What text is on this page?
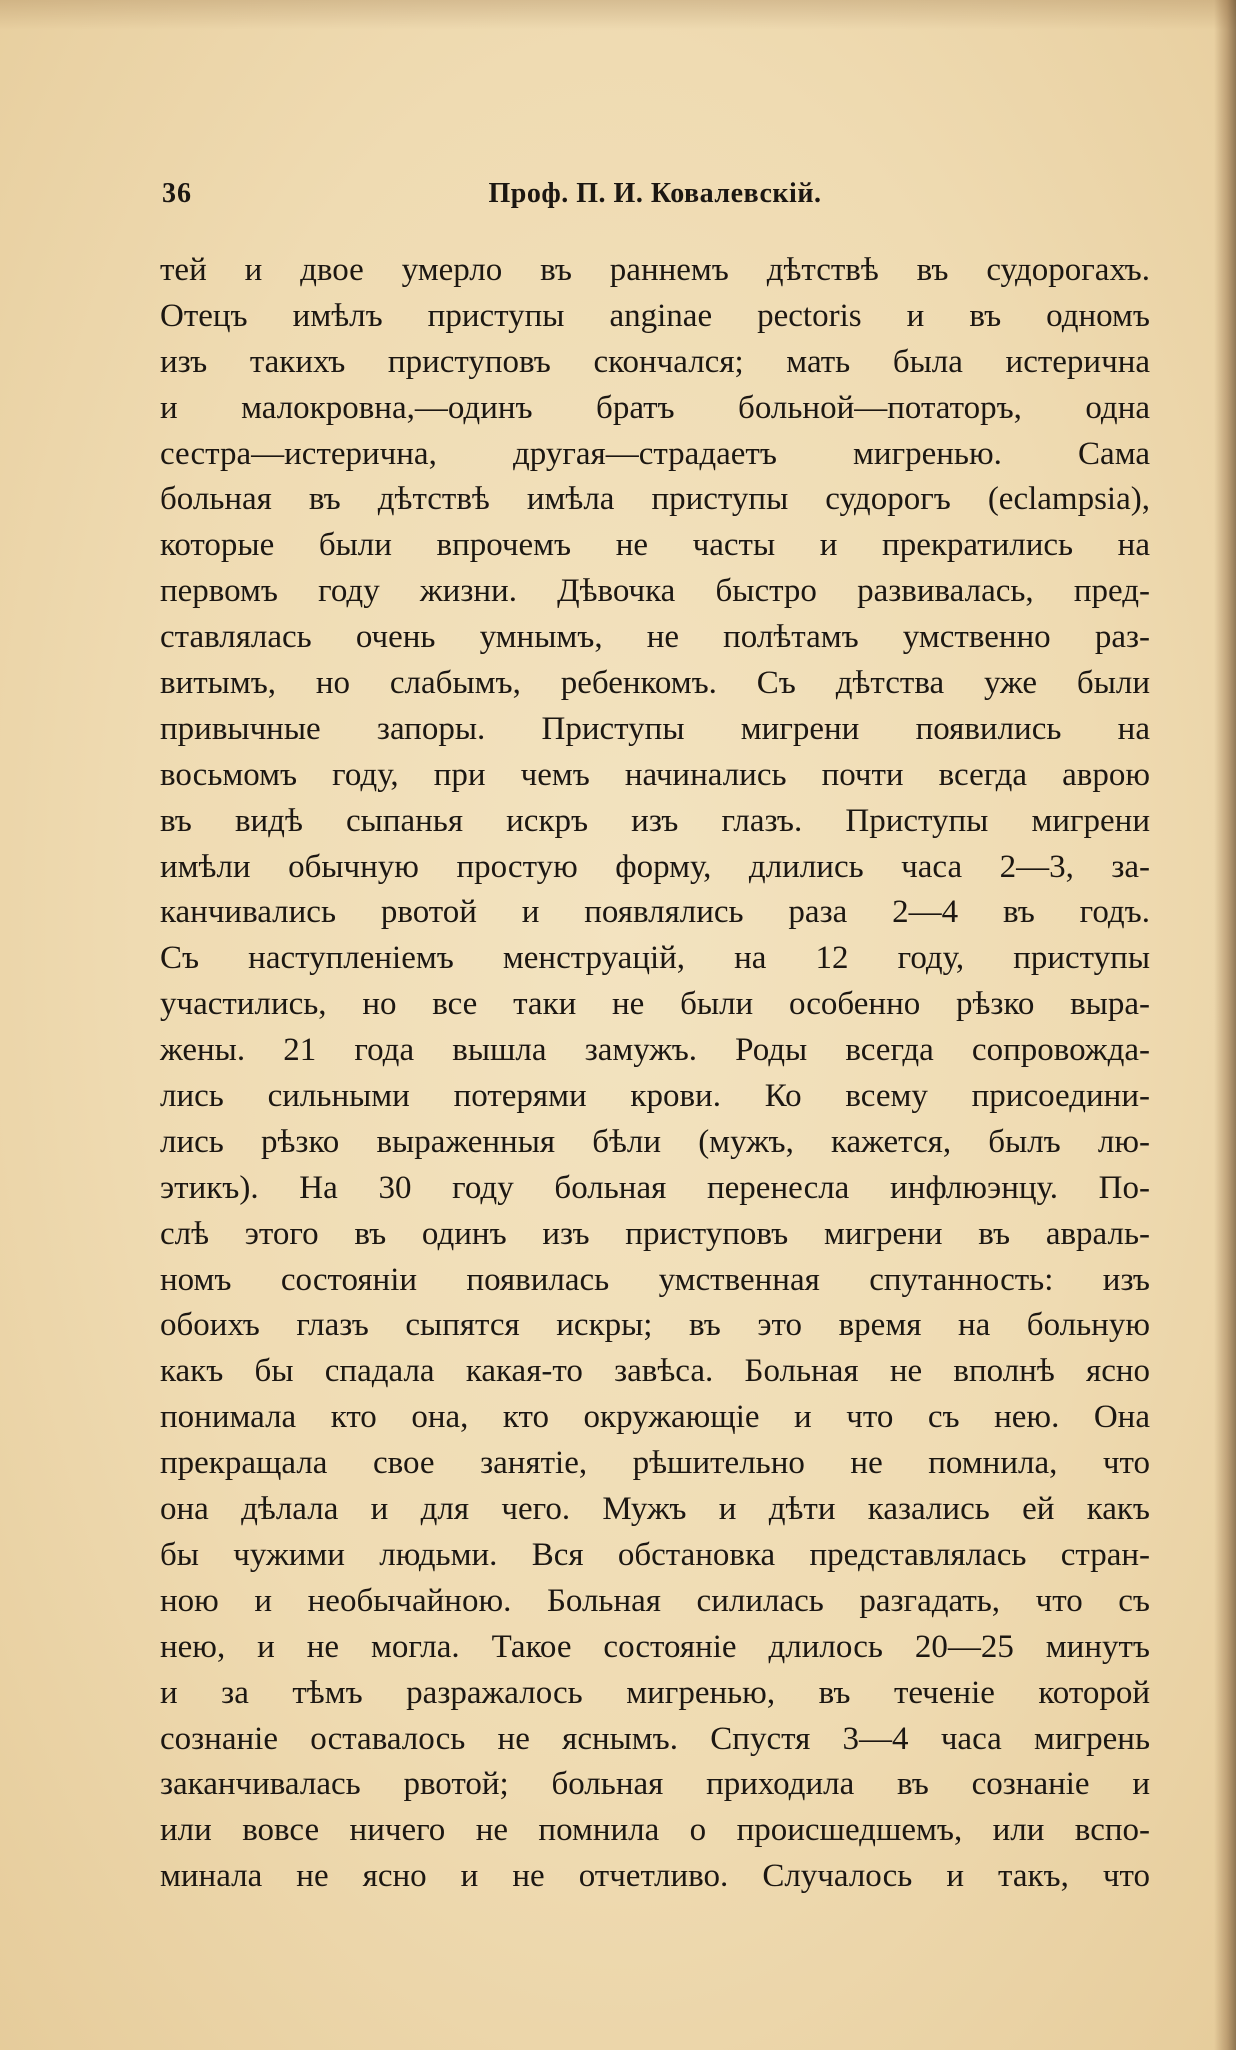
36	Проф. П. И. Ковалевскій.
тей и двое умерло въ раннемъ дѣтствѣ въ судорогахъ.
Отецъ имѣлъ приступы anginae pectoris и въ одномъ
изъ такихъ приступовъ скончался; мать была истерична
и малокровна,—одинъ братъ больной—потаторъ, одна
сестра—истерична, другая—страдаетъ мигренью. Сама
больная въ дѣтствѣ имѣла приступы судорогъ (eclampsia),
которые были впрочемъ не часты и прекратились на
первомъ году жизни. Дѣвочка быстро развивалась, пред-
ставлялась очень умнымъ, не полѣтамъ умственно раз-
витымъ, но слабымъ, ребенкомъ. Съ дѣтства уже были
привычные запоры. Приступы мигрени появились на
восьмомъ году, при чемъ начинались почти всегда аврою
въ видѣ сыпанья искръ изъ глазъ. Приступы мигрени
имѣли обычную простую форму, длились часа 2—3, за-
канчивались рвотой и появлялись раза 2—4 въ годъ.
Съ наступленіемъ менструацій, на 12 году, приступы
участились, но все таки не были особенно рѣзко выра-
жены. 21 года вышла замужъ. Роды всегда сопровожда-
лись сильными потерями крови. Ко всему присоедини-
лись рѣзко выраженныя бѣли (мужъ, кажется, былъ лю-
этикъ). На 30 году больная перенесла инфлюэнцу. По-
слѣ этого въ одинъ изъ приступовъ мигрени въ авраль-
номъ состояніи появилась умственная спутанность: изъ
обоихъ глазъ сыпятся искры; въ это время на больную
какъ бы спадала какая-то завѣса. Больная не вполнѣ ясно
понимала кто она, кто окружающіе и что съ нею. Она
прекращала свое занятіе, рѣшительно не помнила, что
она дѣлала и для чего. Мужъ и дѣти казались ей какъ
бы чужими людьми. Вся обстановка представлялась стран-
ною и необычайною. Больная силилась разгадать, что съ
нею, и не могла. Такое состояніе длилось 20—25 минутъ
и за тѣмъ разражалось мигренью, въ теченіе которой
сознаніе оставалось не яснымъ. Спустя 3—4 часа мигрень
заканчивалась рвотой; больная приходила въ сознаніе и
или вовсе ничего не помнила о происшедшемъ, или вспо-
минала не ясно и не отчетливо. Случалось и такъ, что
